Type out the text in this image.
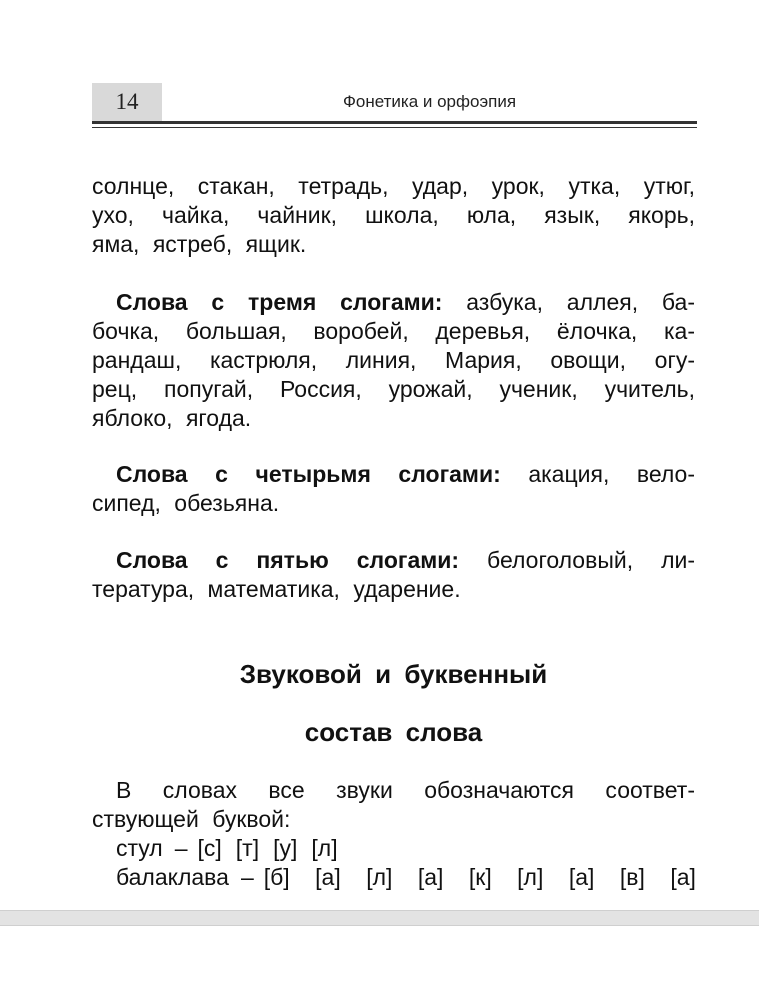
14	Фонетика и орфоэпия
солнце, стакан, тетрадь, удар, урок, утка, утюг,
ухо, чайка, чайник, школа, юла, язык, якорь,
яма, ястреб, ящик.
Слова с тремя слогами: азбука, аллея, ба-
бочка, большая, воробей, деревья, ёлочка, ка-
рандаш, кастрюля, линия, Мария, овощи, огу-
рец, попугай, Россия, урожай, ученик, учитель,
яблоко, ягода.
Слова с четырьмя слогами: акация, вело-
сипед, обезьяна.
Слова с пятью слогами: белоголовый, ли-
тература, математика, ударение.
Звуковой и буквенный
состав слова
В словах все звуки обозначаются соответ-
ствующей буквой:
стул – [с] [т] [у] [л]
балаклава – [б] [а] [л] [а] [к] [л] [а] [в] [а]
